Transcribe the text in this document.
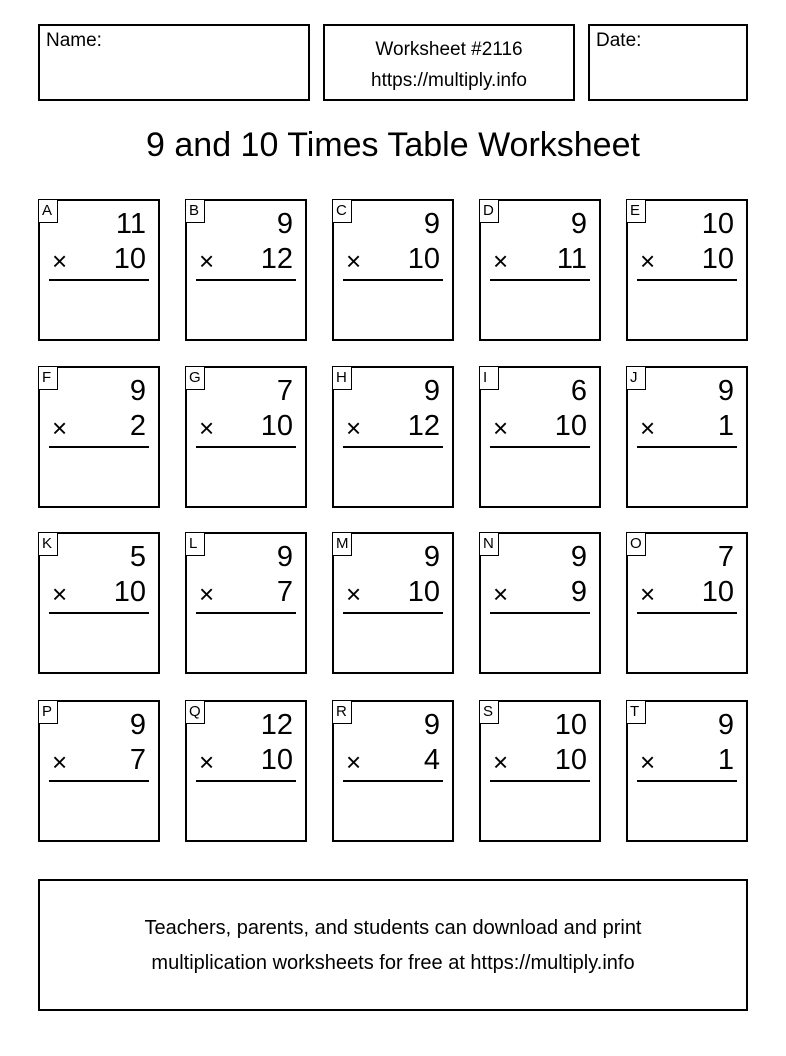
Name:	Worksheet #2116
https://multiply.info
Date:
9 and 10 Times Table Worksheet
A 11
× 10
B	9
× 12
C	9
× 10
D	9
× 11
E 10
× 10
F	9
× 2
G	7
× 10
H	9
× 12
I	6
× 10
J	9
× 1
K	5
× 10
L	9
× 7
M	9
× 10
N	9
× 9
O	7
× 10
P	9
× 7
Q 12
× 10
R	9
× 4
S 10
× 10
T	9
× 1
Teachers, parents, and students can download and print
multiplication worksheets for free at https://multiply.info
